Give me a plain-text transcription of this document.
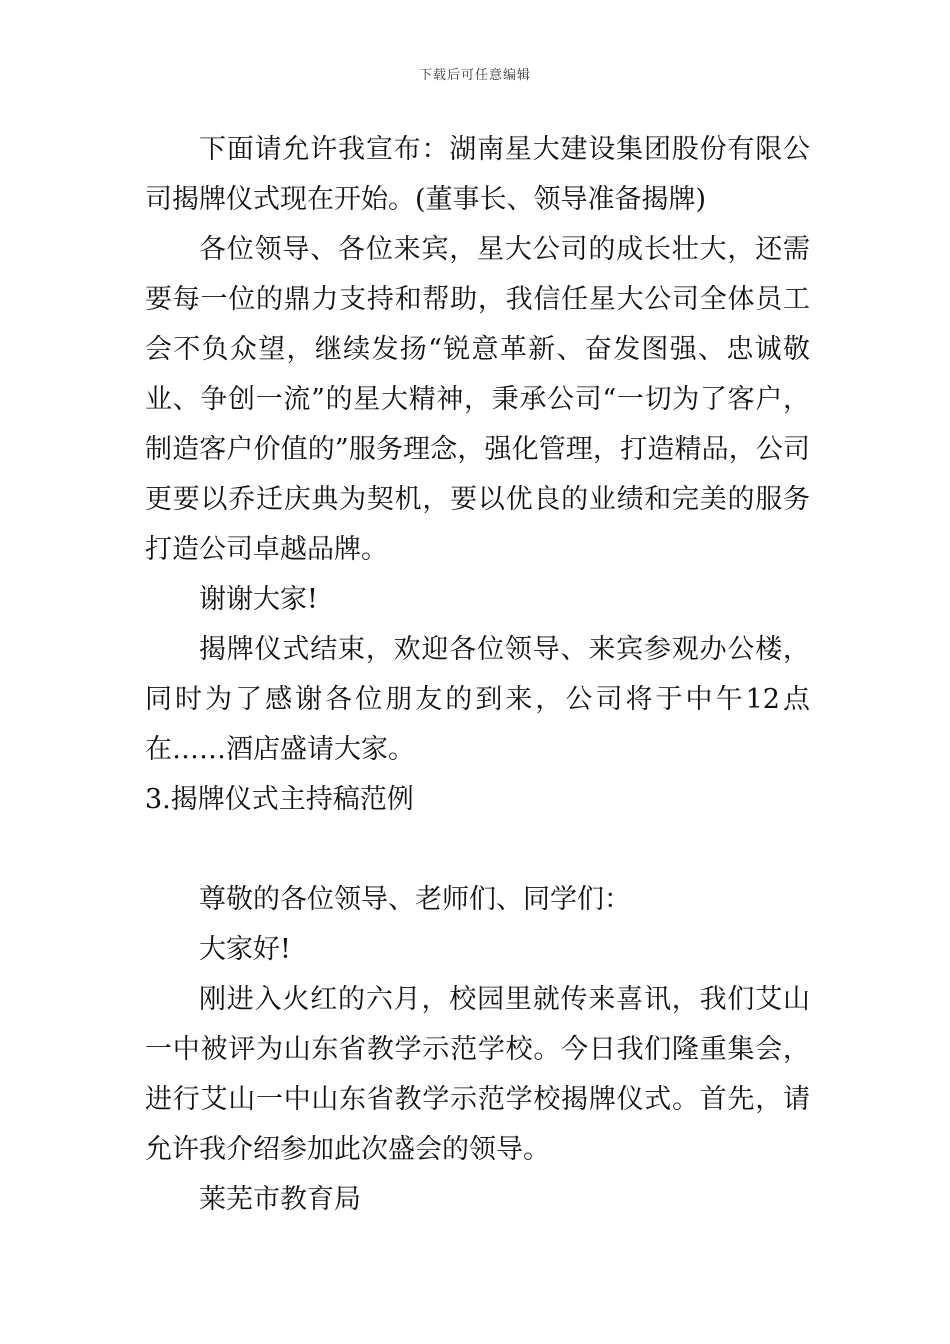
下载后可任意编辑

下面请允许我宣布：湖南星大建设集团股份有限公司揭牌仪式现在开始。(董事长、领导准备揭牌)

各位领导、各位来宾，星大公司的成长壮大，还需要每一位的鼎力支持和帮助，我信任星大公司全体员工会不负众望，继续发扬“锐意革新、奋发图强、忠诚敬业、争创一流”的星大精神，秉承公司“一切为了客户，制造客户价值的”服务理念，强化管理，打造精品，公司更要以乔迁庆典为契机，要以优良的业绩和完美的服务打造公司卓越品牌。

谢谢大家!

揭牌仪式结束，欢迎各位领导、来宾参观办公楼，同时为了感谢各位朋友的到来，公司将于中午12点在……酒店盛请大家。

3.揭牌仪式主持稿范例

尊敬的各位领导、老师们、同学们：

大家好!

刚进入火红的六月，校园里就传来喜讯，我们艾山一中被评为山东省教学示范学校。今日我们隆重集会，进行艾山一中山东省教学示范学校揭牌仪式。首先，请允许我介绍参加此次盛会的领导。

莱芜市教育局
